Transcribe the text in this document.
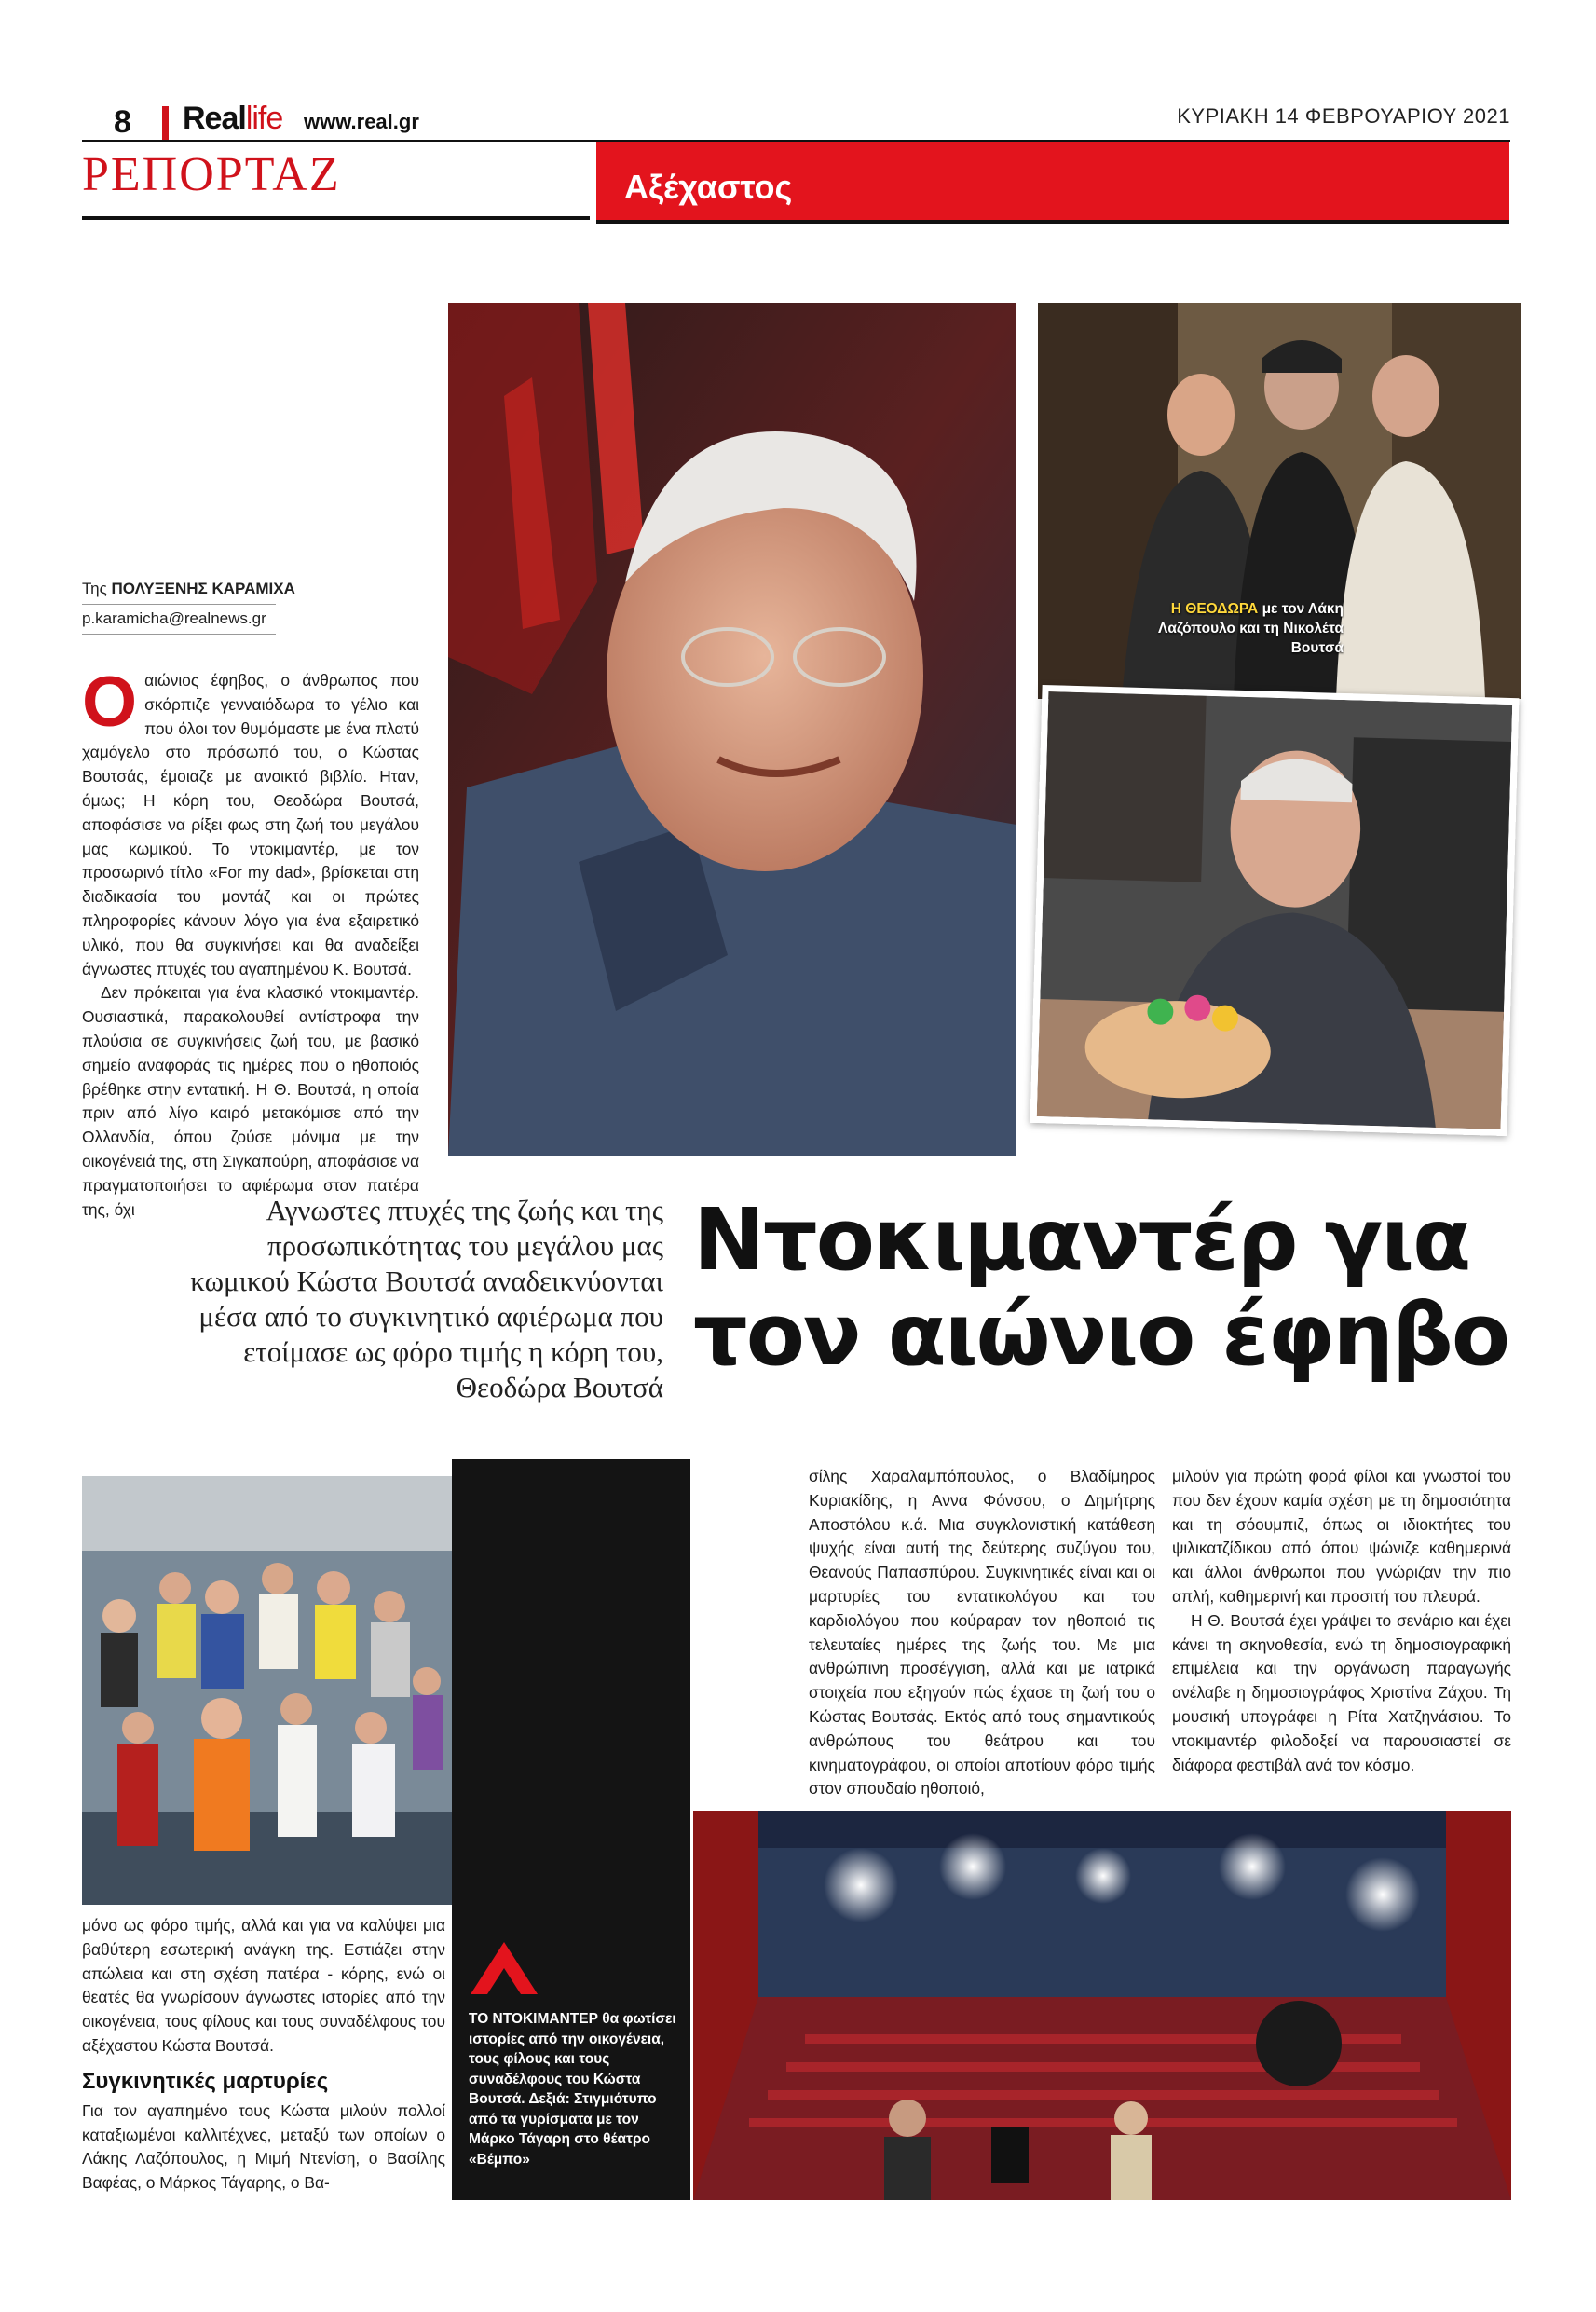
8 Reallife www.real.gr	ΚΥΡΙΑΚΗ 14 ΦΕΒΡΟΥΑΡΙΟΥ 2021
ΡΕΠΟΡΤΑΖ	Αξέχαστος
Της ΠΟΛΥΞΕΝΗΣ ΚΑΡΑΜΙΧΑ
p.karamicha@realnews.gr

Οαιώνιος έφηβος, ο άνθρωπος που σκόρπιζε γενναιόδωρα το γέλιο και που όλοι τον θυμόμαστε με ένα πλατύ χαμόγελο στο πρόσωπό του, ο Κώστας Βουτσάς, έμοιαζε με ανοικτό βιβλίο. Ηταν, όμως; Η κόρη του, Θεοδώρα Βουτσά, αποφάσισε να ρίξει φως στη ζωή του μεγάλου μας κωμικού. Το ντοκιμαντέρ, με τον προσωρινό τίτλο «For my dad», βρίσκεται στη διαδικασία του μοντάζ και οι πρώτες πληροφορίες κάνουν λόγο για ένα εξαιρετικό υλικό, που θα συγκινήσει και θα αναδείξει άγνωστες πτυχές του αγαπημένου Κ. Βουτσά.

Δεν πρόκειται για ένα κλασικό ντοκιμαντέρ. Ουσιαστικά, παρακολουθεί αντίστροφα την πλούσια σε συγκινήσεις ζωή του, με βασικό σημείο αναφοράς τις ημέρες που ο ηθοποιός βρέθηκε στην εντατική. Η Θ. Βουτσά, η οποία πριν από λίγο καιρό μετακόμισε από την Ολλανδία, όπου ζούσε μόνιμα με την οικογένειά της, στη Σιγκαπούρη, αποφάσισε να πραγματοποιήσει το αφιέρωμα στον πατέρα της, όχι

Η ΘΕΟΔΩΡΑ με τον Λάκη Λαζόπουλο και τη Νικολέτα Βουτσά
Αγνωστες πτυχές της ζωής και της προσωπικότητας του μεγάλου μας κωμικού Κώστα Βουτσά αναδεικνύονται μέσα από το συγκινητικό αφιέρωμα που ετοίμασε ως φόρο τιμής η κόρη του, Θεοδώρα Βουτσά
Ντοκιμαντέρ για
τον αιώνιο έφηβο

μόνο ως φόρο τιμής, αλλά και για να καλύψει μια βαθύτερη εσωτερική ανάγκη της. Εστιάζει στην απώλεια και στη σχέση πατέρα - κόρης, ενώ οι θεατές θα γνωρίσουν άγνωστες ιστορίες από την οικογένεια, τους φίλους και τους συναδέλφους του αξέχαστου Κώστα Βουτσά.

Συγκινητικές μαρτυρίες

Για τον αγαπημένο τους Κώστα μιλούν πολλοί καταξιωμένοι καλλιτέχνες, μεταξύ των οποίων ο Λάκης Λαζόπουλος, η Μιμή Ντενίση, ο Βασίλης Βαφέας, ο Μάρκος Τάγαρης, ο Βα-

ΤΟ ΝΤΟΚΙΜΑΝΤΕΡ θα φωτίσει ιστορίες από την οικογένεια, τους φίλους και τους συναδέλφους του Κώστα Βουτσά. Δεξιά: Στιγμιότυπο από τα γυρίσματα με τον Μάρκο Τάγαρη στο θέατρο «Βέμπο»

σίλης Χαραλαμπόπουλος, ο Βλαδίμηρος Κυριακίδης, η Αννα Φόνσου, ο Δημήτρης Αποστόλου κ.ά. Μια συγκλονιστική κατάθεση ψυχής είναι αυτή της δεύτερης συζύγου του, Θεανούς Παπασπύρου. Συγκινητικές είναι και οι μαρτυρίες του εντατικολόγου και του καρδιολόγου που κούραραν τον ηθοποιό τις τελευταίες ημέρες της ζωής του. Με μια ανθρώπινη προσέγγιση, αλλά και με ιατρικά στοιχεία που εξηγούν πώς έχασε τη ζωή του ο Κώστας Βουτσάς. Εκτός από τους σημαντικούς ανθρώπους του θεάτρου και του κινηματογράφου, οι οποίοι αποτίουν φόρο τιμής στον σπουδαίο ηθοποιό,

μιλούν για πρώτη φορά φίλοι και γνωστοί του που δεν έχουν καμία σχέση με τη δημοσιότητα και τη σόουμπιζ, όπως οι ιδιοκτήτες του ψιλικατζίδικου από όπου ψώνιζε καθημερινά και άλλοι άνθρωποι που γνώριζαν την πιο απλή, καθημερινή και προσιτή του πλευρά.

Η Θ. Βουτσά έχει γράψει το σενάριο και έχει κάνει τη σκηνοθεσία, ενώ τη δημοσιογραφική επιμέλεια και την οργάνωση παραγωγής ανέλαβε η δημοσιογράφος Χριστίνα Ζάχου. Τη μουσική υπογράφει η Ρίτα Χατζηνάσιου. Το ντοκιμαντέρ φιλοδοξεί να παρουσιαστεί σε διάφορα φεστιβάλ ανά τον κόσμο.
